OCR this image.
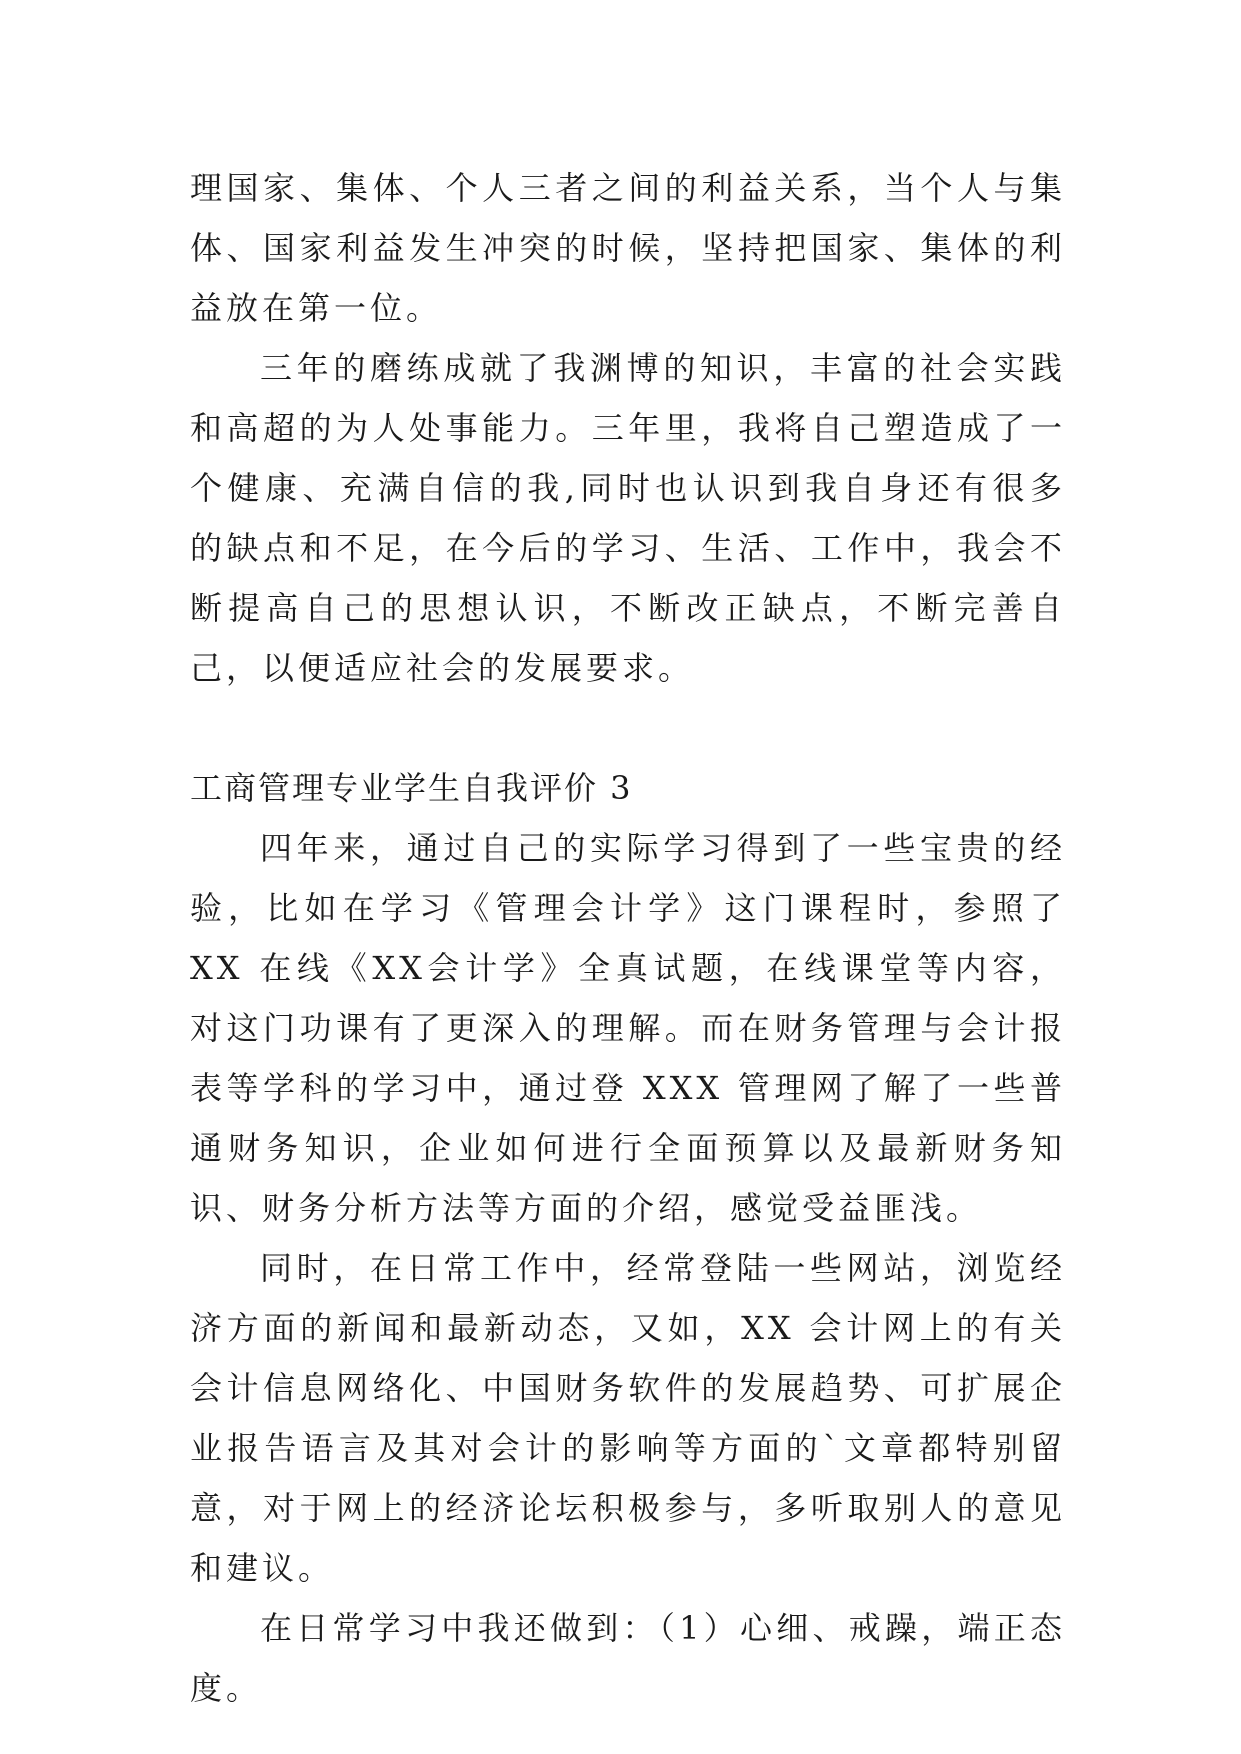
理国家、集体、个人三者之间的利益关系，当个人与集体、国家利益发生冲突的时候，坚持把国家、集体的利益放在第一位。

三年的磨练成就了我渊博的知识，丰富的社会实践和高超的为人处事能力。三年里，我将自己塑造成了一个健康、充满自信的我,同时也认识到我自身还有很多的缺点和不足，在今后的学习、生活、工作中，我会不断提高自己的思想认识，不断改正缺点，不断完善自己，以便适应社会的发展要求。

工商管理专业学生自我评价 3

四年来，通过自己的实际学习得到了一些宝贵的经验，比如在学习《管理会计学》这门课程时，参照了 XX 在线《XX会计学》全真试题，在线课堂等内容，对这门功课有了更深入的理解。而在财务管理与会计报表等学科的学习中，通过登 XXX 管理网了解了一些普通财务知识，企业如何进行全面预算以及最新财务知识、财务分析方法等方面的介绍，感觉受益匪浅。

同时，在日常工作中，经常登陆一些网站，浏览经济方面的新闻和最新动态，又如，XX 会计网上的有关会计信息网络化、中国财务软件的发展趋势、可扩展企业报告语言及其对会计的影响等方面的`文章都特别留意，对于网上的经济论坛积极参与，多听取别人的意见和建议。

在日常学习中我还做到：（1）心细、戒躁，端正态度。
